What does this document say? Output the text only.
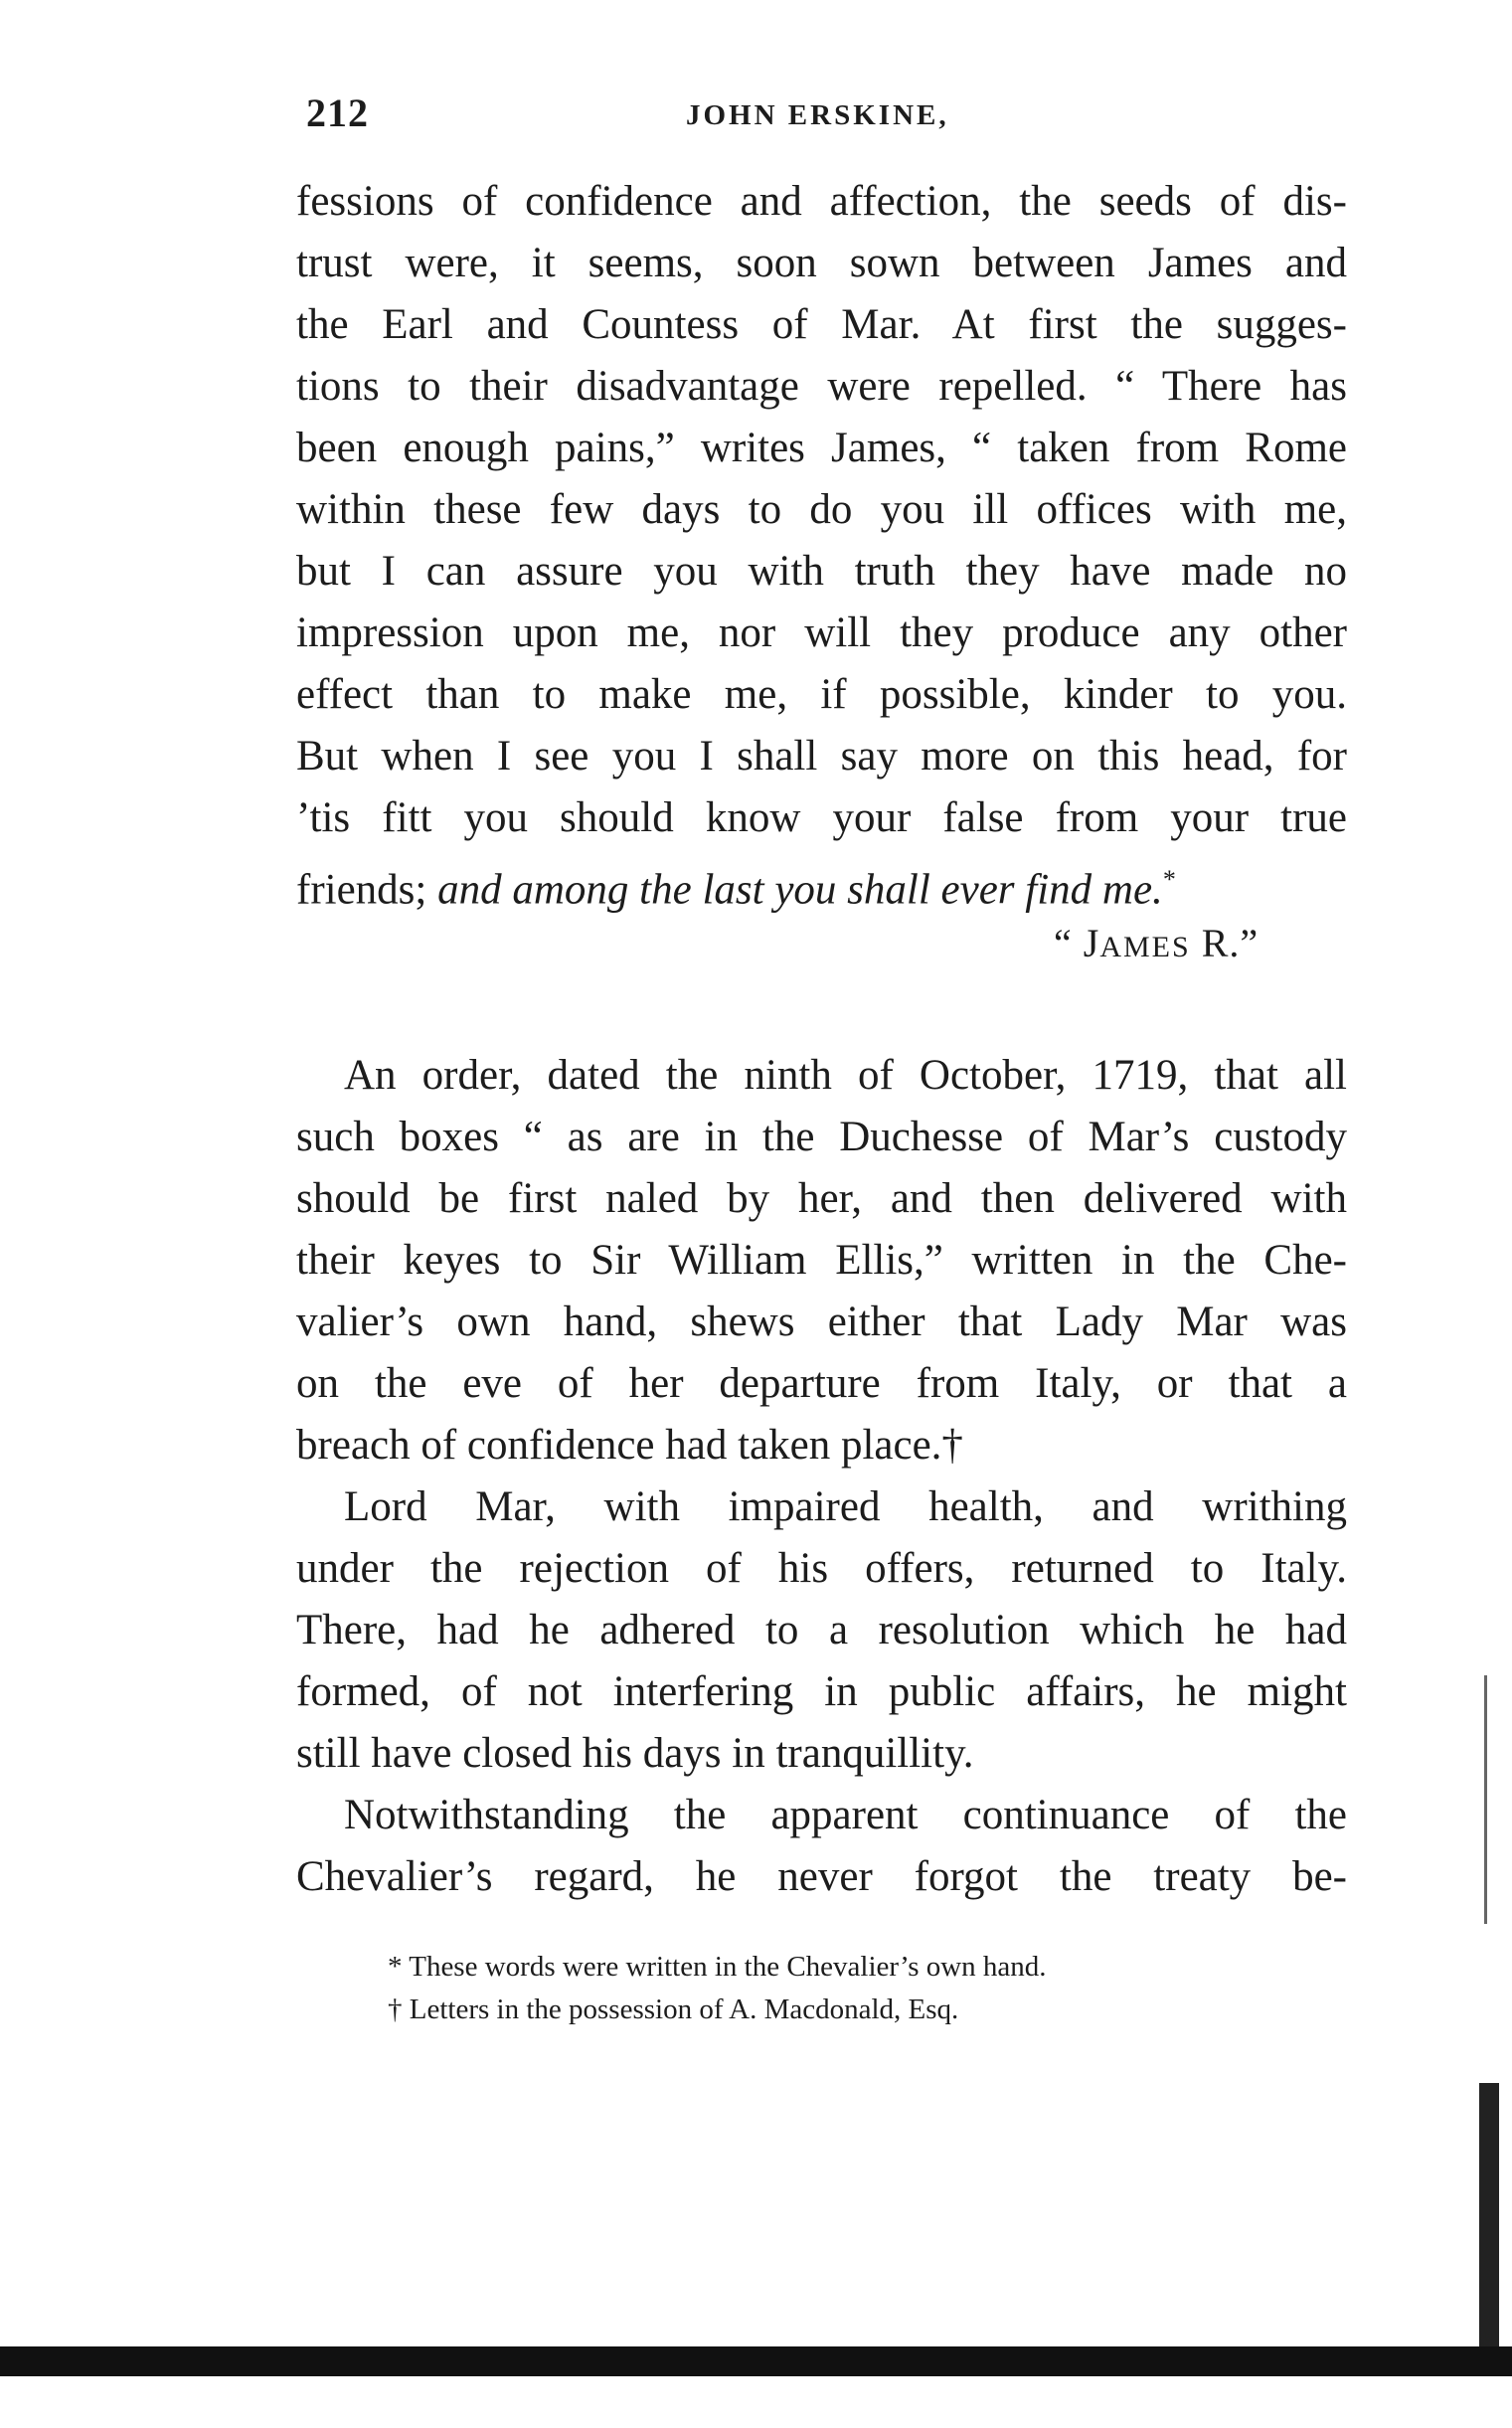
212	JOHN ERSKINE,
fessions of confidence and affection, the seeds of dis-
trust were, it seems, soon sown between James and
the Earl and Countess of Mar. At first the sugges-
tions to their disadvantage were repelled. “ There has
been enough pains,” writes James, “ taken from Rome
within these few days to do you ill offices with me,
but I can assure you with truth they have made no
impression upon me, nor will they produce any other
effect than to make me, if possible, kinder to you.
But when I see you I shall say more on this head, for
’tis fitt you should know your false from your true
friends; and among the last you shall ever find me.*
“ JAMES R.”
An order, dated the ninth of October, 1719, that all
such boxes “ as are in the Duchesse of Mar’s custody
should be first naled by her, and then delivered with
their keyes to Sir William Ellis,” written in the Che-
valier’s own hand, shews either that Lady Mar was
on the eve of her departure from Italy, or that a
breach of confidence had taken place.†
Lord Mar, with impaired health, and writhing
under the rejection of his offers, returned to Italy.
There, had he adhered to a resolution which he had
formed, of not interfering in public affairs, he might
still have closed his days in tranquillity.
Notwithstanding the apparent continuance of the
Chevalier’s regard, he never forgot the treaty be-
* These words were written in the Chevalier’s own hand.
† Letters in the possession of A. Macdonald, Esq.
